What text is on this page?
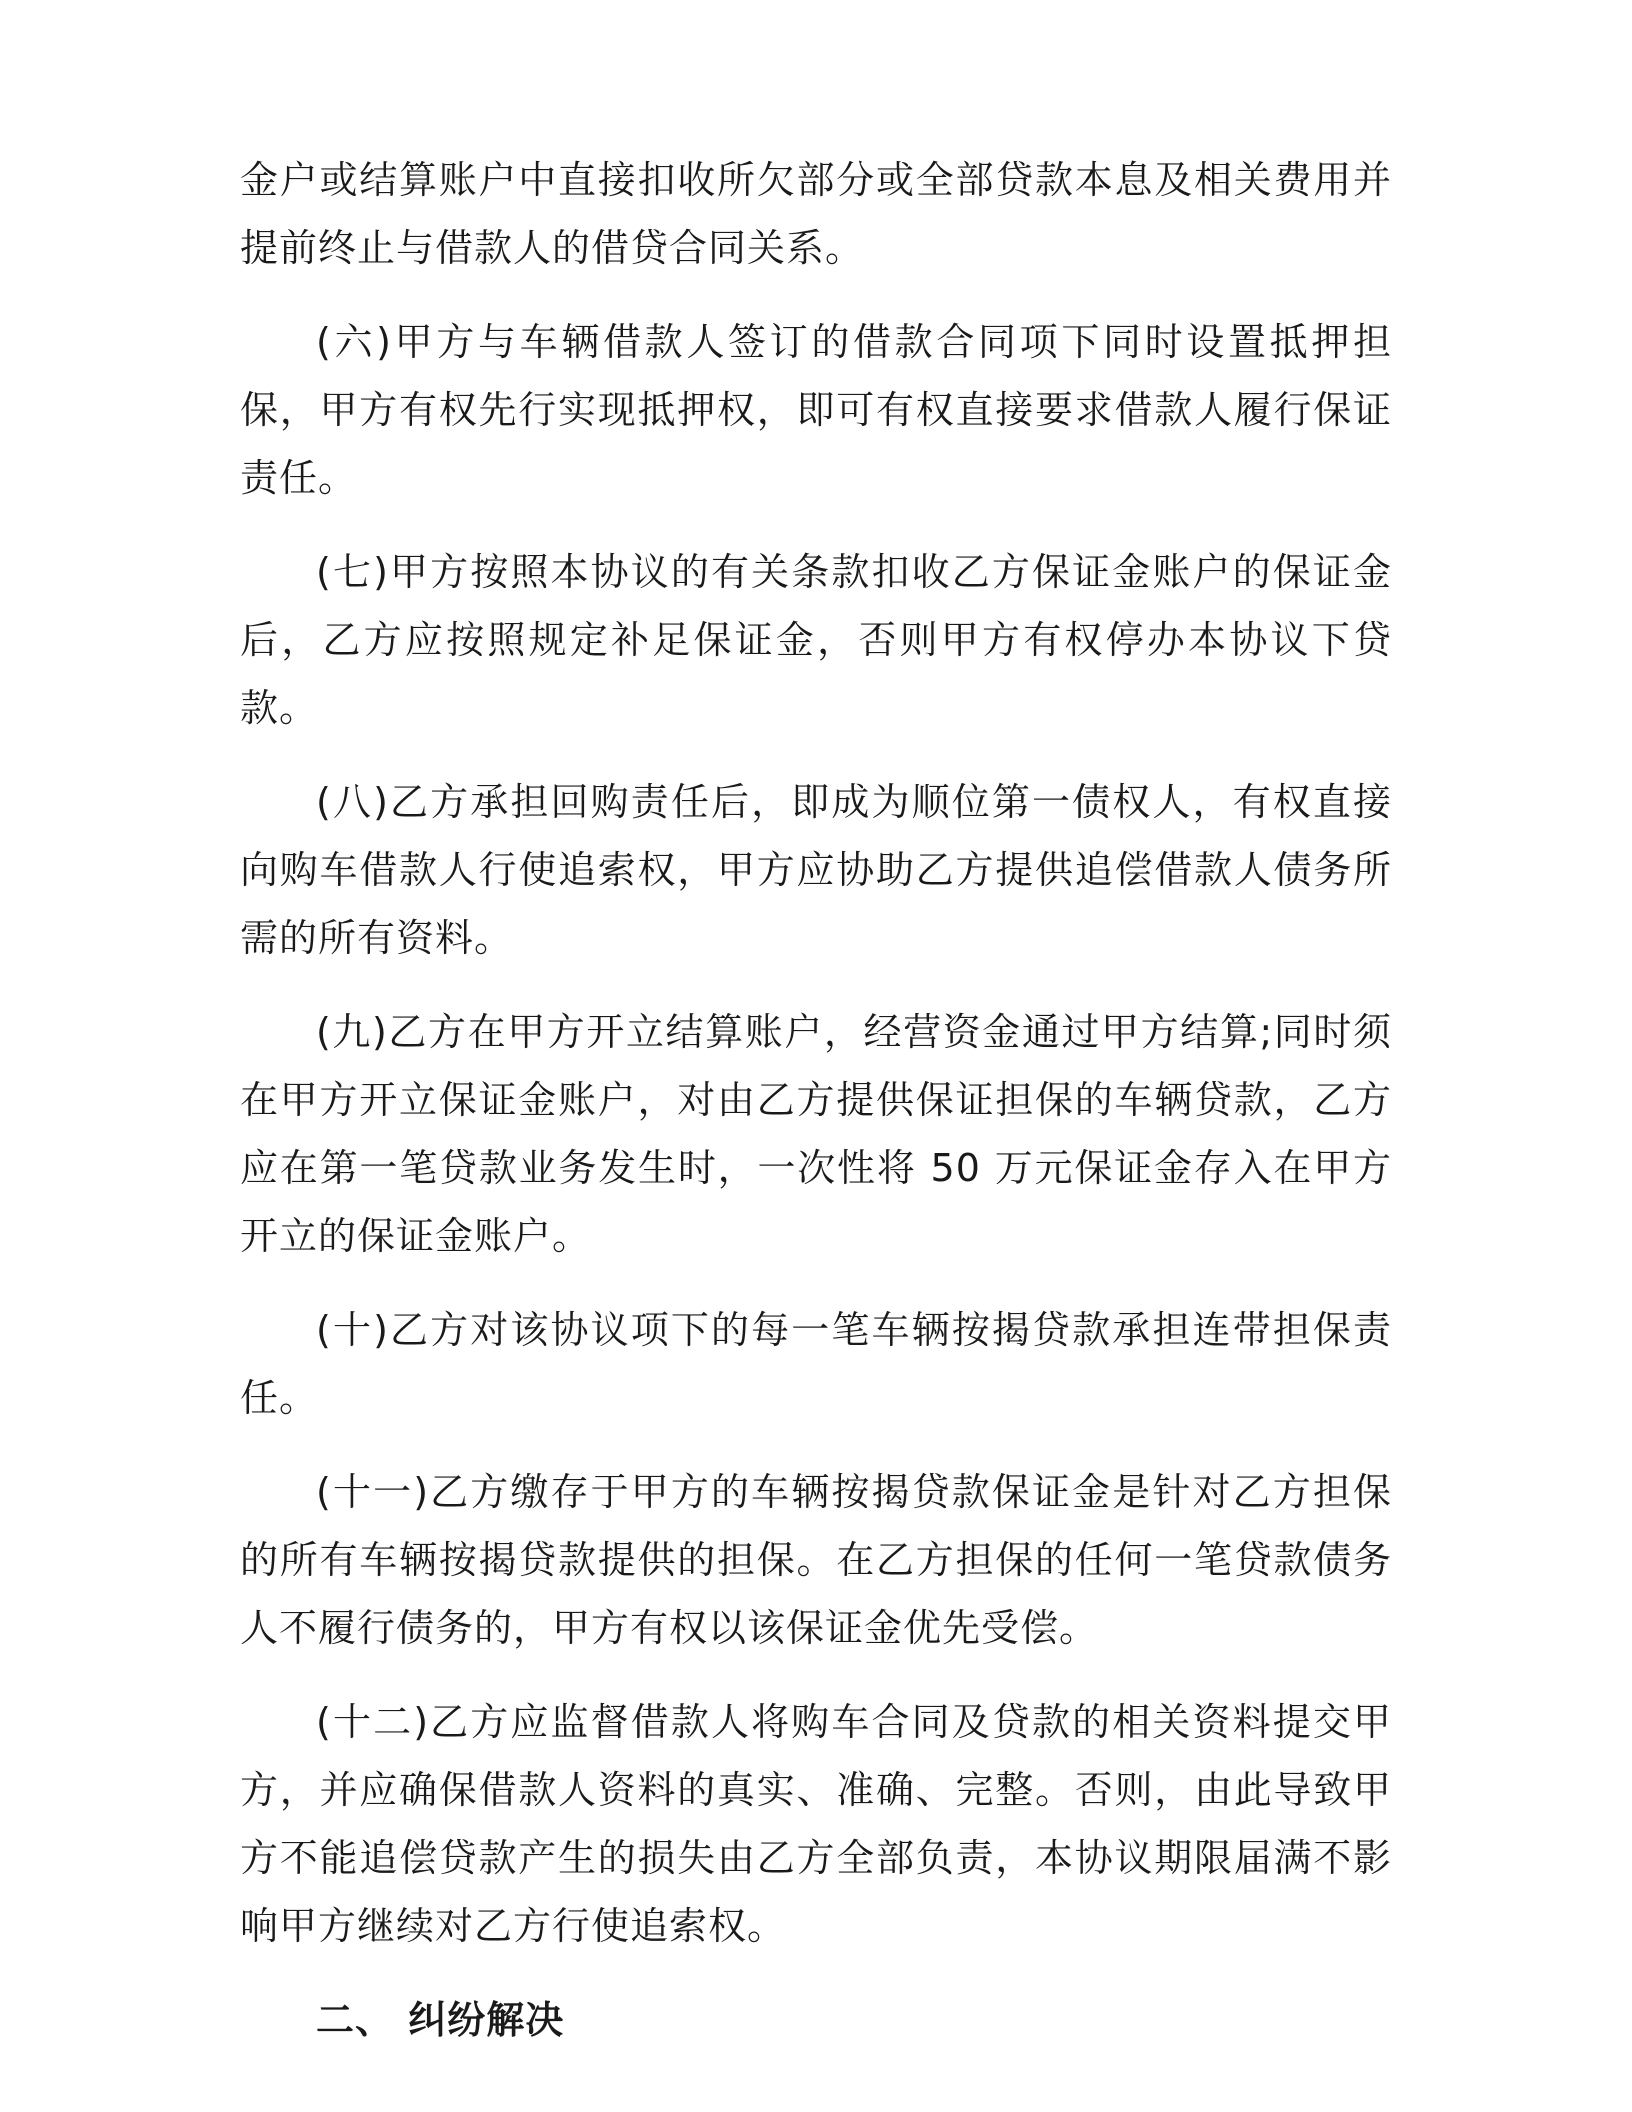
金户或结算账户中直接扣收所欠部分或全部贷款本息及相关费用并提前终止与借款人的借贷合同关系。

(六)甲方与车辆借款人签订的借款合同项下同时设置抵押担保，甲方有权先行实现抵押权，即可有权直接要求借款人履行保证责任。

(七)甲方按照本协议的有关条款扣收乙方保证金账户的保证金后，乙方应按照规定补足保证金，否则甲方有权停办本协议下贷款。

(八)乙方承担回购责任后，即成为顺位第一债权人，有权直接向购车借款人行使追索权，甲方应协助乙方提供追偿借款人债务所需的所有资料。

(九)乙方在甲方开立结算账户，经营资金通过甲方结算;同时须在甲方开立保证金账户，对由乙方提供保证担保的车辆贷款，乙方应在第一笔贷款业务发生时，一次性将 50 万元保证金存入在甲方开立的保证金账户。

(十)乙方对该协议项下的每一笔车辆按揭贷款承担连带担保责任。

(十一)乙方缴存于甲方的车辆按揭贷款保证金是针对乙方担保的所有车辆按揭贷款提供的担保。在乙方担保的任何一笔贷款债务人不履行债务的，甲方有权以该保证金优先受偿。

(十二)乙方应监督借款人将购车合同及贷款的相关资料提交甲方，并应确保借款人资料的真实、准确、完整。否则，由此导致甲方不能追偿贷款产生的损失由乙方全部负责，本协议期限届满不影响甲方继续对乙方行使追索权。

二、 纠纷解决
